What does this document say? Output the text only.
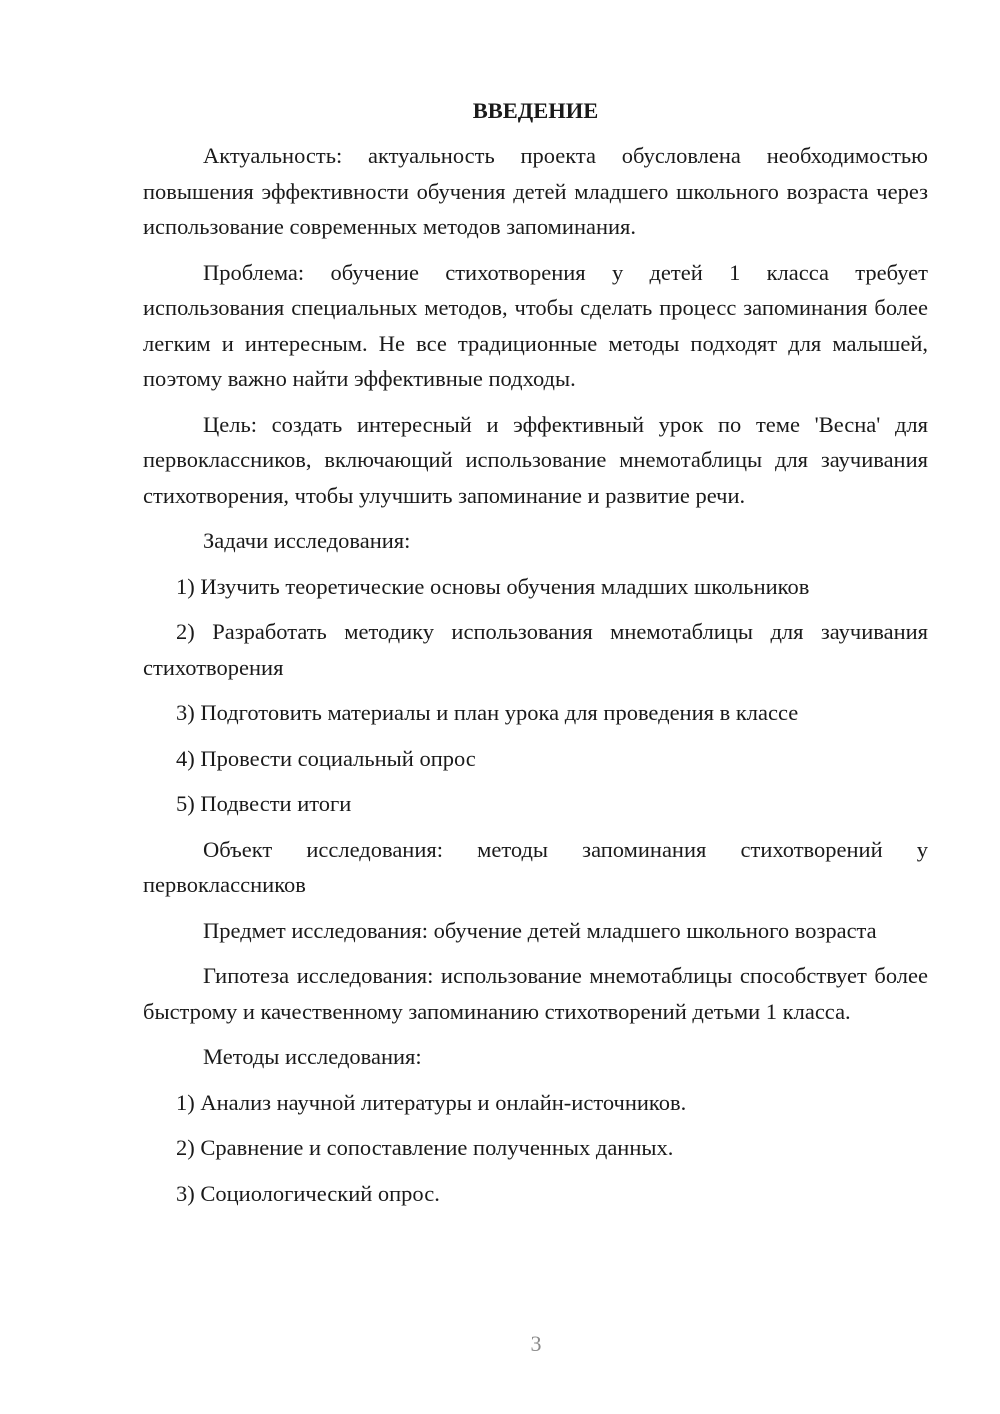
ВВЕДЕНИЕ

Актуальность: актуальность проекта обусловлена необходимостью повышения эффективности обучения детей младшего школьного возраста через использование современных методов запоминания.

Проблема: обучение стихотворения у детей 1 класса требует использования специальных методов, чтобы сделать процесс запоминания более легким и интересным. Не все традиционные методы подходят для малышей, поэтому важно найти эффективные подходы.

Цель: создать интересный и эффективный урок по теме 'Весна' для первоклассников, включающий использование мнемотаблицы для заучивания стихотворения, чтобы улучшить запоминание и развитие речи.

Задачи исследования:

1) Изучить теоретические основы обучения младших школьников

2) Разработать методику использования мнемотаблицы для заучивания стихотворения

3) Подготовить материалы и план урока для проведения в классе

4) Провести социальный опрос

5) Подвести итоги

Объект исследования: методы запоминания стихотворений у первоклассников

Предмет исследования: обучение детей младшего школьного возраста

Гипотеза исследования: использование мнемотаблицы способствует более быстрому и качественному запоминанию стихотворений детьми 1 класса.

Методы исследования:

1) Анализ научной литературы и онлайн-источников.

2) Сравнение и сопоставление полученных данных.

3) Социологический опрос.

3
